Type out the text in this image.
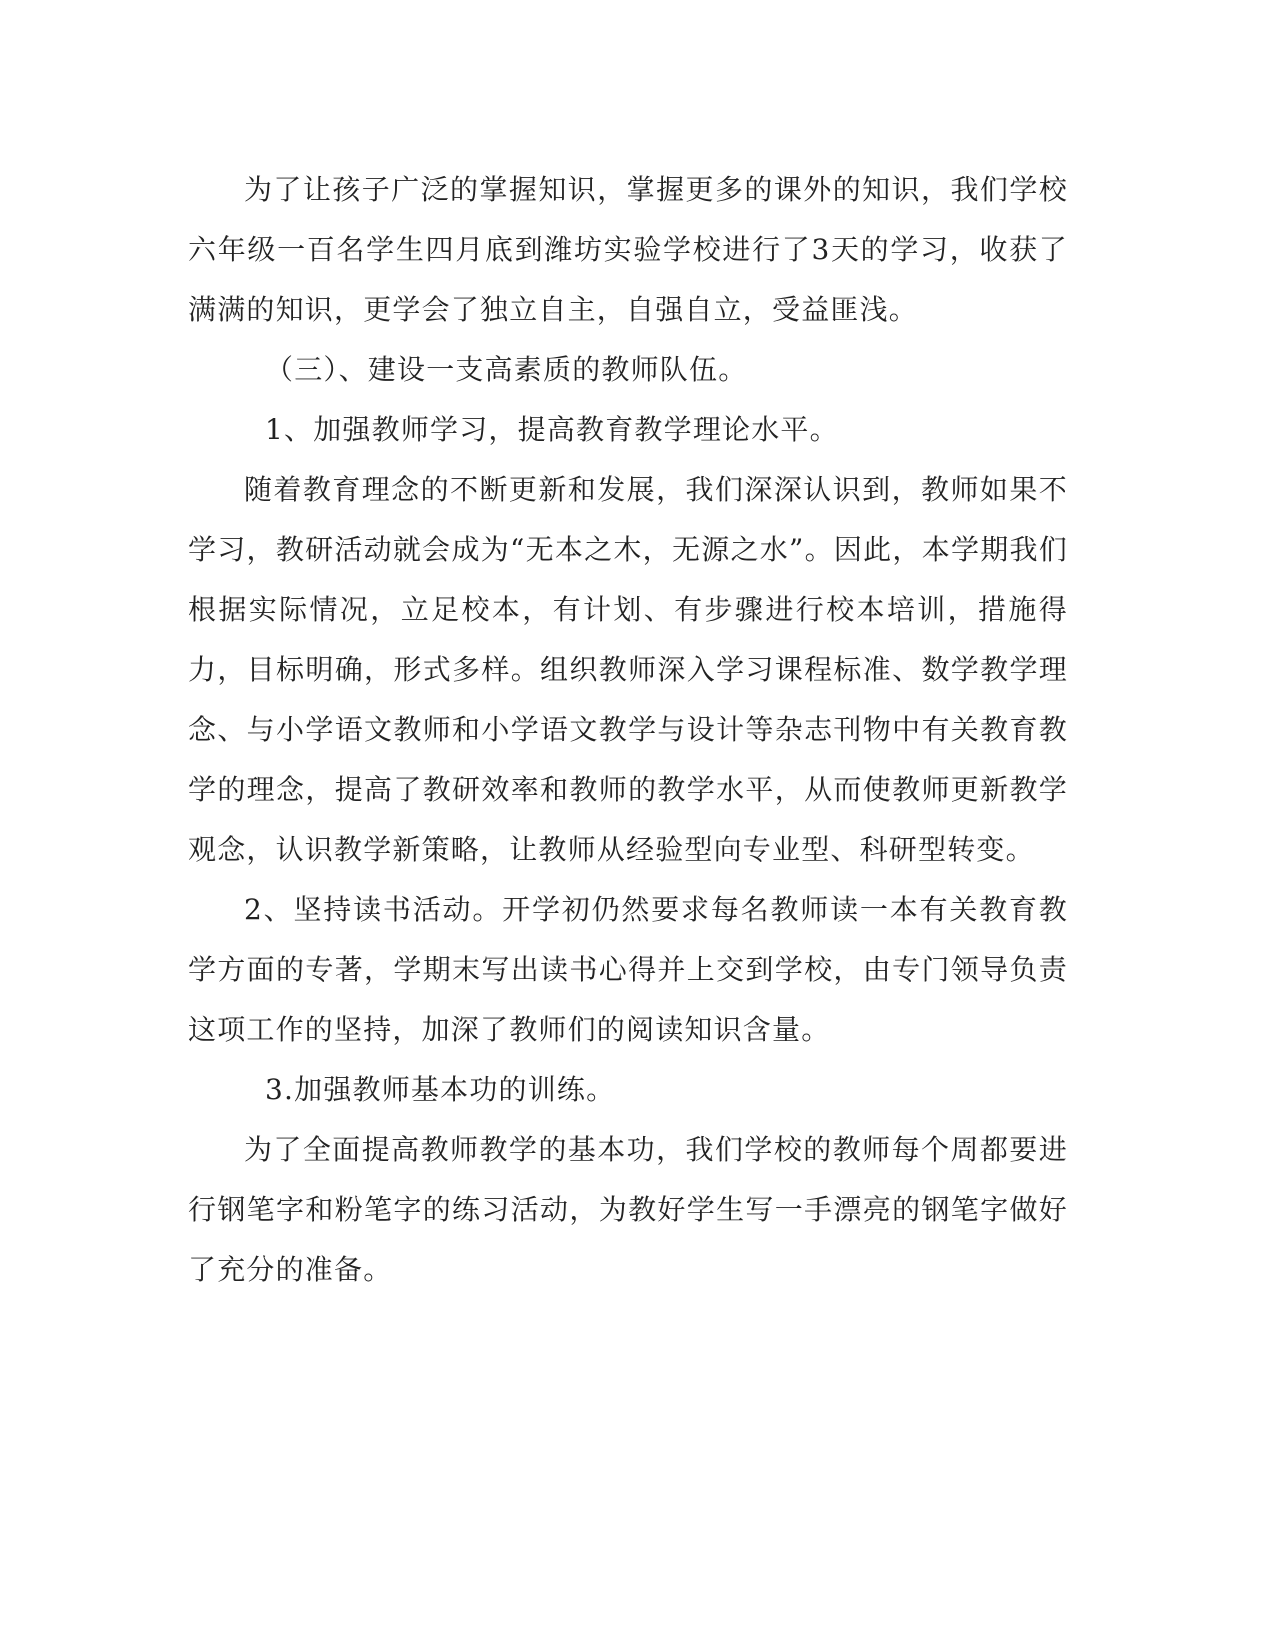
为了让孩子广泛的掌握知识，掌握更多的课外的知识，我们学校六年级一百名学生四月底到潍坊实验学校进行了3天的学习，收获了满满的知识，更学会了独立自主，自强自立，受益匪浅。

（三）、建设一支高素质的教师队伍。

1、加强教师学习，提高教育教学理论水平。

随着教育理念的不断更新和发展，我们深深认识到，教师如果不学习，教研活动就会成为“无本之木，无源之水”。因此，本学期我们根据实际情况，立足校本，有计划、有步骤进行校本培训，措施得力，目标明确，形式多样。组织教师深入学习课程标准、数学教学理念、与小学语文教师和小学语文教学与设计等杂志刊物中有关教育教学的理念，提高了教研效率和教师的教学水平，从而使教师更新教学观念，认识教学新策略，让教师从经验型向专业型、科研型转变。

2、坚持读书活动。开学初仍然要求每名教师读一本有关教育教学方面的专著，学期末写出读书心得并上交到学校，由专门领导负责这项工作的坚持，加深了教师们的阅读知识含量。

3.加强教师基本功的训练。

为了全面提高教师教学的基本功，我们学校的教师每个周都要进行钢笔字和粉笔字的练习活动，为教好学生写一手漂亮的钢笔字做好了充分的准备。
